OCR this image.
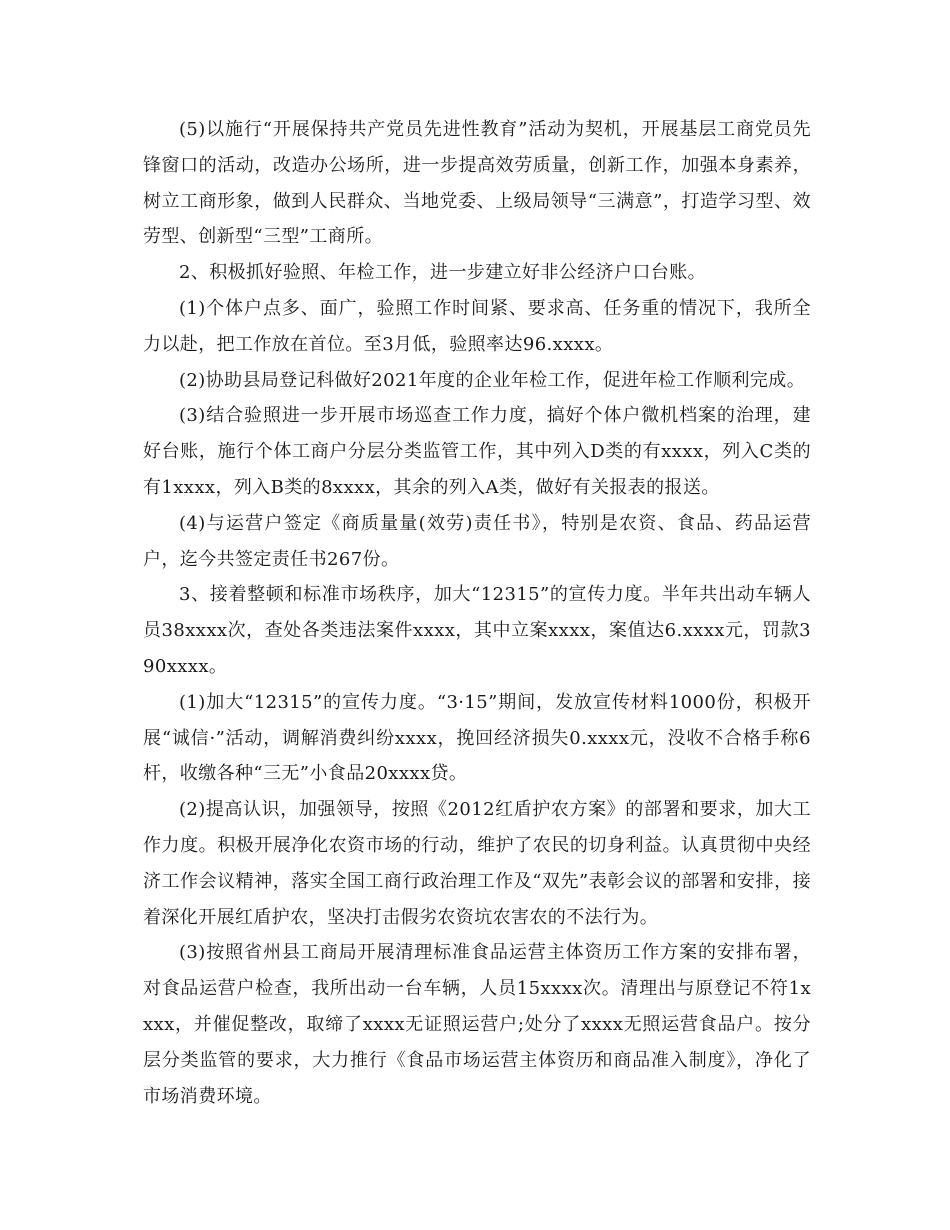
(5)以施行“开展保持共产党员先进性教育”活动为契机，开展基层工商党员先锋窗口的活动，改造办公场所，进一步提高效劳质量，创新工作，加强本身素养，树立工商形象，做到人民群众、当地党委、上级局领导“三满意”，打造学习型、效劳型、创新型“三型”工商所。

2、积极抓好验照、年检工作，进一步建立好非公经济户口台账。

(1)个体户点多、面广，验照工作时间紧、要求高、任务重的情况下，我所全力以赴，把工作放在首位。至3月低，验照率达96.xxxx。

(2)协助县局登记科做好2021年度的企业年检工作，促进年检工作顺利完成。

(3)结合验照进一步开展市场巡查工作力度，搞好个体户微机档案的治理，建好台账，施行个体工商户分层分类监管工作，其中列入D类的有xxxx，列入C类的有1xxxx，列入B类的8xxxx，其余的列入A类，做好有关报表的报送。

(4)与运营户签定《商质量量(效劳)责任书》，特别是农资、食品、药品运营户，迄今共签定责任书267份。

3、接着整顿和标准市场秩序，加大“12315”的宣传力度。半年共出动车辆人员38xxxx次，查处各类违法案件xxxx，其中立案xxxx，案值达6.xxxx元，罚款390xxxx。

(1)加大“12315”的宣传力度。“3·15”期间，发放宣传材料1000份，积极开展“诚信·”活动，调解消费纠纷xxxx，挽回经济损失0.xxxx元，没收不合格手称6杆，收缴各种“三无”小食品20xxxx贷。

(2)提高认识，加强领导，按照《2012红盾护农方案》的部署和要求，加大工作力度。积极开展净化农资市场的行动，维护了农民的切身利益。认真贯彻中央经济工作会议精神，落实全国工商行政治理工作及“双先”表彰会议的部署和安排，接着深化开展红盾护农，坚决打击假劣农资坑农害农的不法行为。

(3)按照省州县工商局开展清理标准食品运营主体资历工作方案的安排布署，对食品运营户检查，我所出动一台车辆，人员15xxxx次。清理出与原登记不符1xxxx，并催促整改，取缔了xxxx无证照运营户;处分了xxxx无照运营食品户。按分层分类监管的要求，大力推行《食品市场运营主体资历和商品准入制度》，净化了市场消费环境。
